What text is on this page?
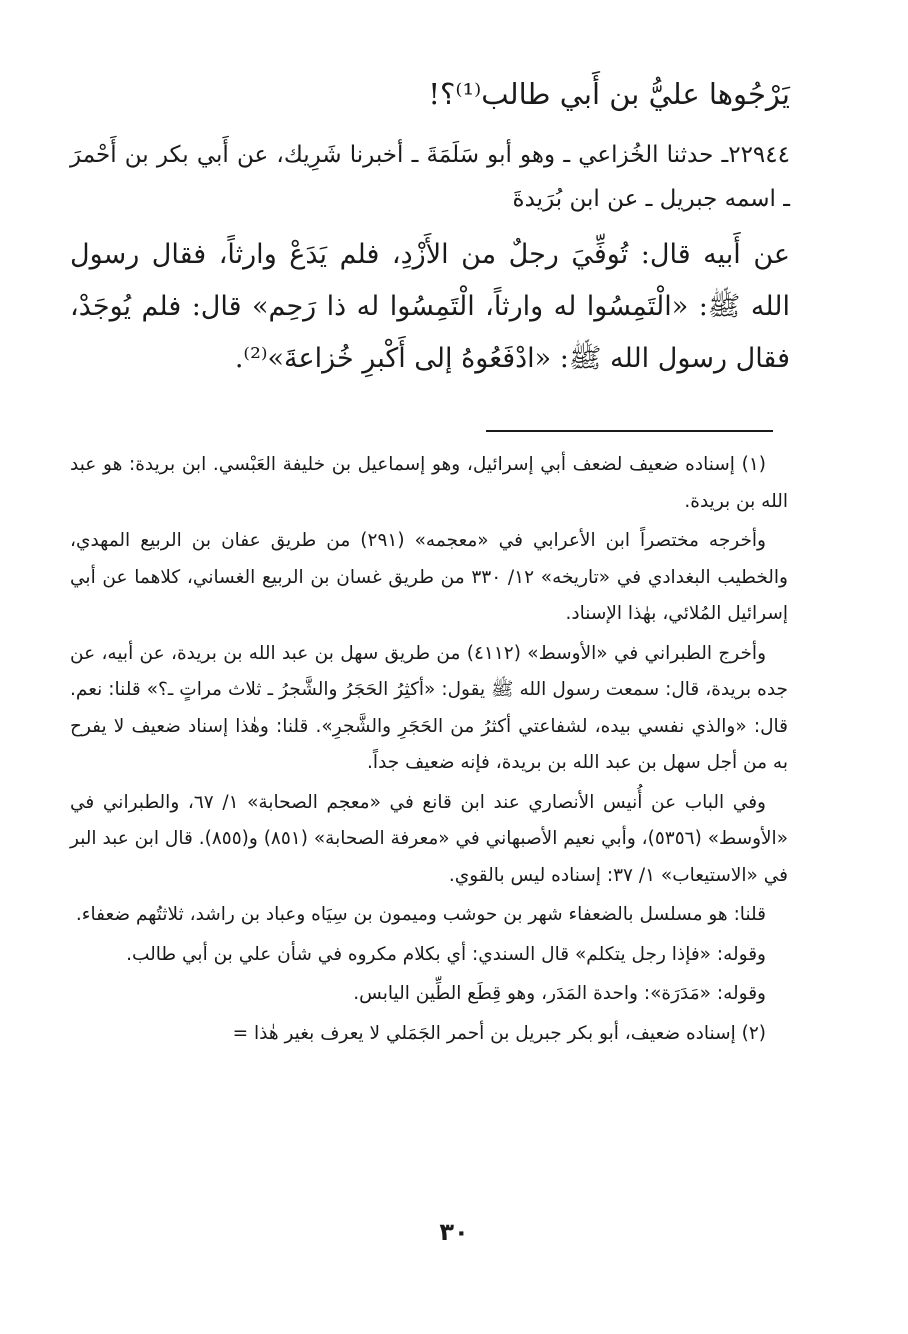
يَرْجُوها عليُّ بن أَبي طالب⁽¹⁾؟!

٢٢٩٤٤ـ حدثنا الخُزاعي ـ وهو أبو سَلَمَةَ ـ أخبرنا شَرِيك، عن أَبي بكر بن أَحْمرَ ـ اسمه جبريل ـ عن ابن بُرَيدةَ

عن أَبيه قال: تُوفِّيَ رجلٌ من الأَزْدِ، فلم يَدَعْ وارثاً، فقال رسول الله ﷺ: «الْتَمِسُوا له وارثاً، الْتَمِسُوا له ذا رَحِم» قال: فلم يُوجَدْ، فقال رسول الله ﷺ: «ادْفَعُوهُ إلى أَكْبرِ خُزاعةَ»⁽²⁾.

(١) إسناده ضعيف لضعف أبي إسرائيل، وهو إسماعيل بن خليفة العَبْسي. ابن بريدة: هو عبد الله بن بريدة.

وأخرجه مختصراً ابن الأعرابي في «معجمه» (٢٩١) من طريق عفان بن الربيع المهدي، والخطيب البغدادي في «تاريخه» ١٢/ ٣٣٠ من طريق غسان بن الربيع الغساني، كلاهما عن أبي إسرائيل المُلائي، بهٰذا الإسناد.

وأخرج الطبراني في «الأوسط» (٤١١٢) من طريق سهل بن عبد الله بن بريدة، عن أبيه، عن جده بريدة، قال: سمعت رسول الله ﷺ يقول: «أكثِرُ الحَجَرُ والشَّجرُ ـ ثلاث مراتٍ ـ؟» قلنا: نعم. قال: «والذي نفسي بيده، لشفاعتي أكثرُ من الحَجَرِ والشَّجرِ». قلنا: وهٰذا إسناد ضعيف لا يفرح به من أجل سهل بن عبد الله بن بريدة، فإنه ضعيف جداً.

وفي الباب عن أُنيس الأنصاري عند ابن قانع في «معجم الصحابة» ١/ ٦٧، والطبراني في «الأوسط» (٥٣٥٦)، وأبي نعيم الأصبهاني في «معرفة الصحابة» (٨٥١) و(٨٥٥). قال ابن عبد البر في «الاستيعاب» ١/ ٣٧: إسناده ليس بالقوي.

قلنا: هو مسلسل بالضعفاء شهر بن حوشب وميمون بن سِيَاه وعباد بن راشد، ثلاثتُهم ضعفاء.

وقوله: «فإذا رجل يتكلم» قال السندي: أي بكلام مكروه في شأن علي بن أبي طالب.

وقوله: «مَدَرَة»: واحدة المَدَر، وهو قِطَع الطِّين اليابس.

(٢) إسناده ضعيف، أبو بكر جبريل بن أحمر الجَمَلي لا يعرف بغير هٰذا =

٣٠
